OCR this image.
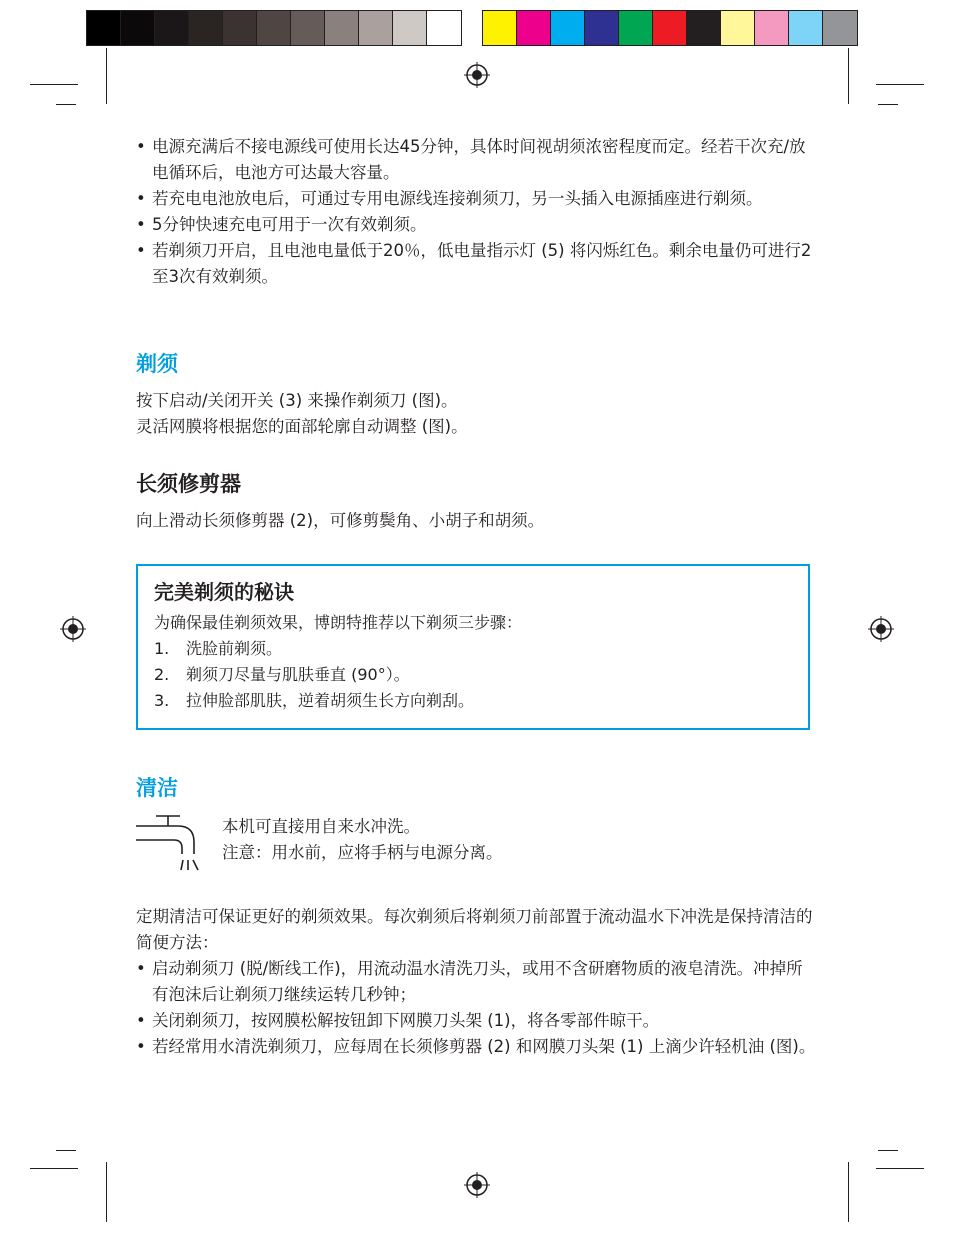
• 电源充满后不接电源线可使用长达45分钟，具体时间视胡须浓密程度而定。经若干次充/放电循环后，电池方可达最大容量。
• 若充电电池放电后，可通过专用电源线连接剃须刀，另一头插入电源插座进行剃须。
• 5分钟快速充电可用于一次有效剃须。
• 若剃须刀开启，且电池电量低于20％，低电量指示灯 (5) 将闪烁红色。剩余电量仍可进行2至3次有效剃须。
剃须

按下启动/关闭开关 (3) 来操作剃须刀 (图)。

灵活网膜将根据您的面部轮廓自动调整 (图)。

长须修剪器

向上滑动长须修剪器 (2)，可修剪鬓角、小胡子和胡须。

完美剃须的秘诀
为确保最佳剃须效果，博朗特推荐以下剃须三步骤：
1. 洗脸前剃须。
2. 剃须刀尽量与肌肤垂直 (90°）。
3. 拉伸脸部肌肤，逆着胡须生长方向剃刮。
清洁

本机可直接用自来水冲洗。

注意：用水前，应将手柄与电源分离。

定期清洁可保证更好的剃须效果。每次剃须后将剃须刀前部置于流动温水下冲洗是保持清洁的简便方法：

• 启动剃须刀 (脱/断线工作)，用流动温水清洗刀头，或用不含研磨物质的液皂清洗。冲掉所有泡沫后让剃须刀继续运转几秒钟；
• 关闭剃须刀，按网膜松解按钮卸下网膜刀头架 (1)，将各零部件晾干。
• 若经常用水清洗剃须刀，应每周在长须修剪器 (2) 和网膜刀头架 (1) 上滴少许轻机油 (图)。
